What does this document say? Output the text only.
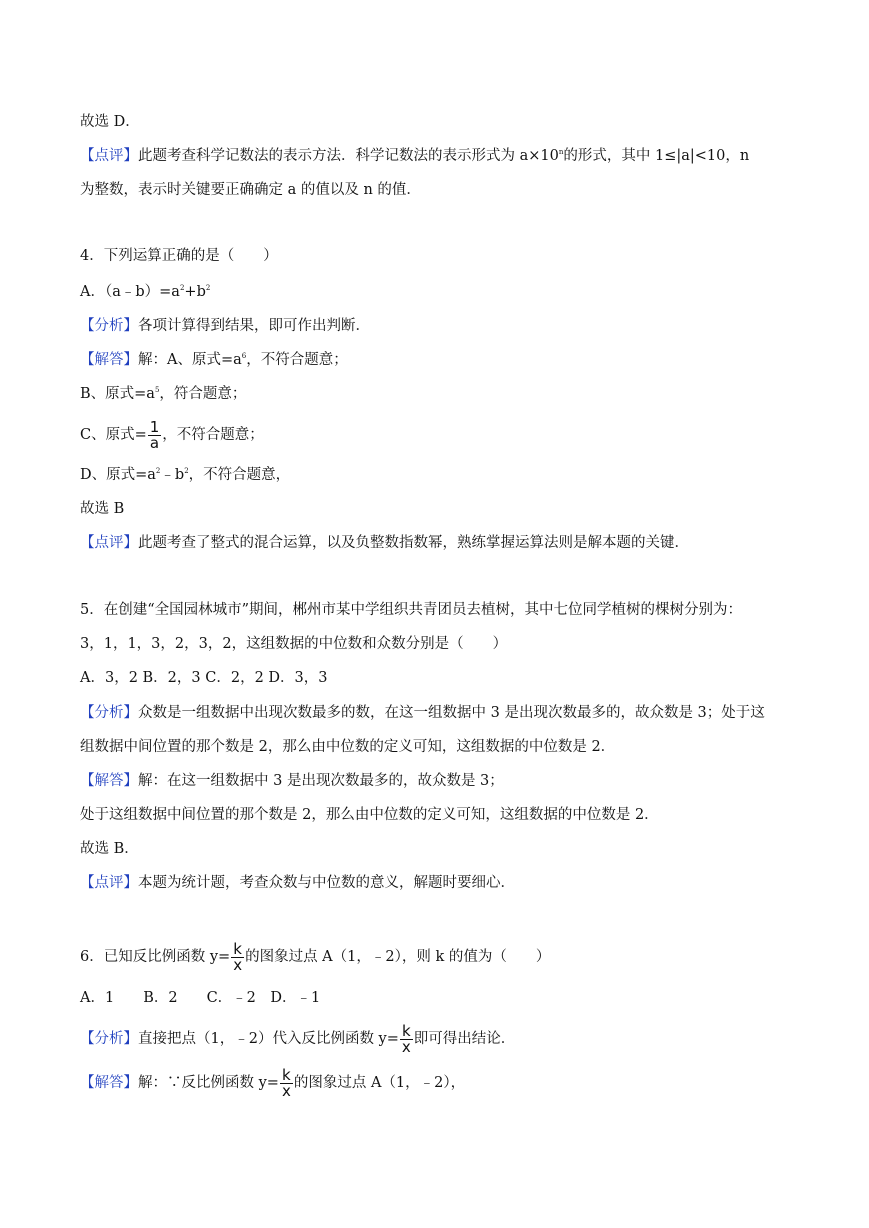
故选 D．
【点评】此题考查科学记数法的表示方法．科学记数法的表示形式为 $a\times 10^n$的形式，其中 1≤|a|<10，n
为整数，表示时关键要正确确定 a 的值以及 n 的值．
4．下列运算正确的是（　　）
A．$(a﹣b)=a^2+b^2$
【分析】各项计算得到结果，即可作出判断．
【解答】解：A、原式$=a^6$，不符合题意；
B、原式$=a^5$，符合题意；
C、原式= $\frac{1}{a}$ ，不符合题意；
D、原式$=a^2﹣b^2$，不符合题意，
故选 B
【点评】此题考查了整式的混合运算，以及负整数指数幂，熟练掌握运算法则是解本题的关键．
5．在创建“全国园林城市”期间，郴州市某中学组织共青团员去植树，其中七位同学植树的棵树分别为：
3，1，1，3，2，3，2，这组数据的中位数和众数分别是（　　）
A．3，2 B．2，3 C．2，2 D．3，3
【分析】众数是一组数据中出现次数最多的数，在这一组数据中 3 是出现次数最多的，故众数是 3；处于这
组数据中间位置的那个数是 2，那么由中位数的定义可知，这组数据的中位数是 2．
【解答】解：在这一组数据中 3 是出现次数最多的，故众数是 3；
处于这组数据中间位置的那个数是 2，那么由中位数的定义可知，这组数据的中位数是 2．
故选 B．
【点评】本题为统计题，考查众数与中位数的意义，解题时要细心．
6．已知反比例函数 $y= \frac{k}{x}$ 的图象过点 A（1，﹣2），则 k 的值为（　　）
A．1　　B．2　　C．﹣2　D．﹣1
【分析】直接把点（1，﹣2）代入反比例函数 $y= \frac{k}{x}$ 即可得出结论．
【解答】解：∵反比例函数 $y= \frac{k}{x}$ 的图象过点 A（1，﹣2），
